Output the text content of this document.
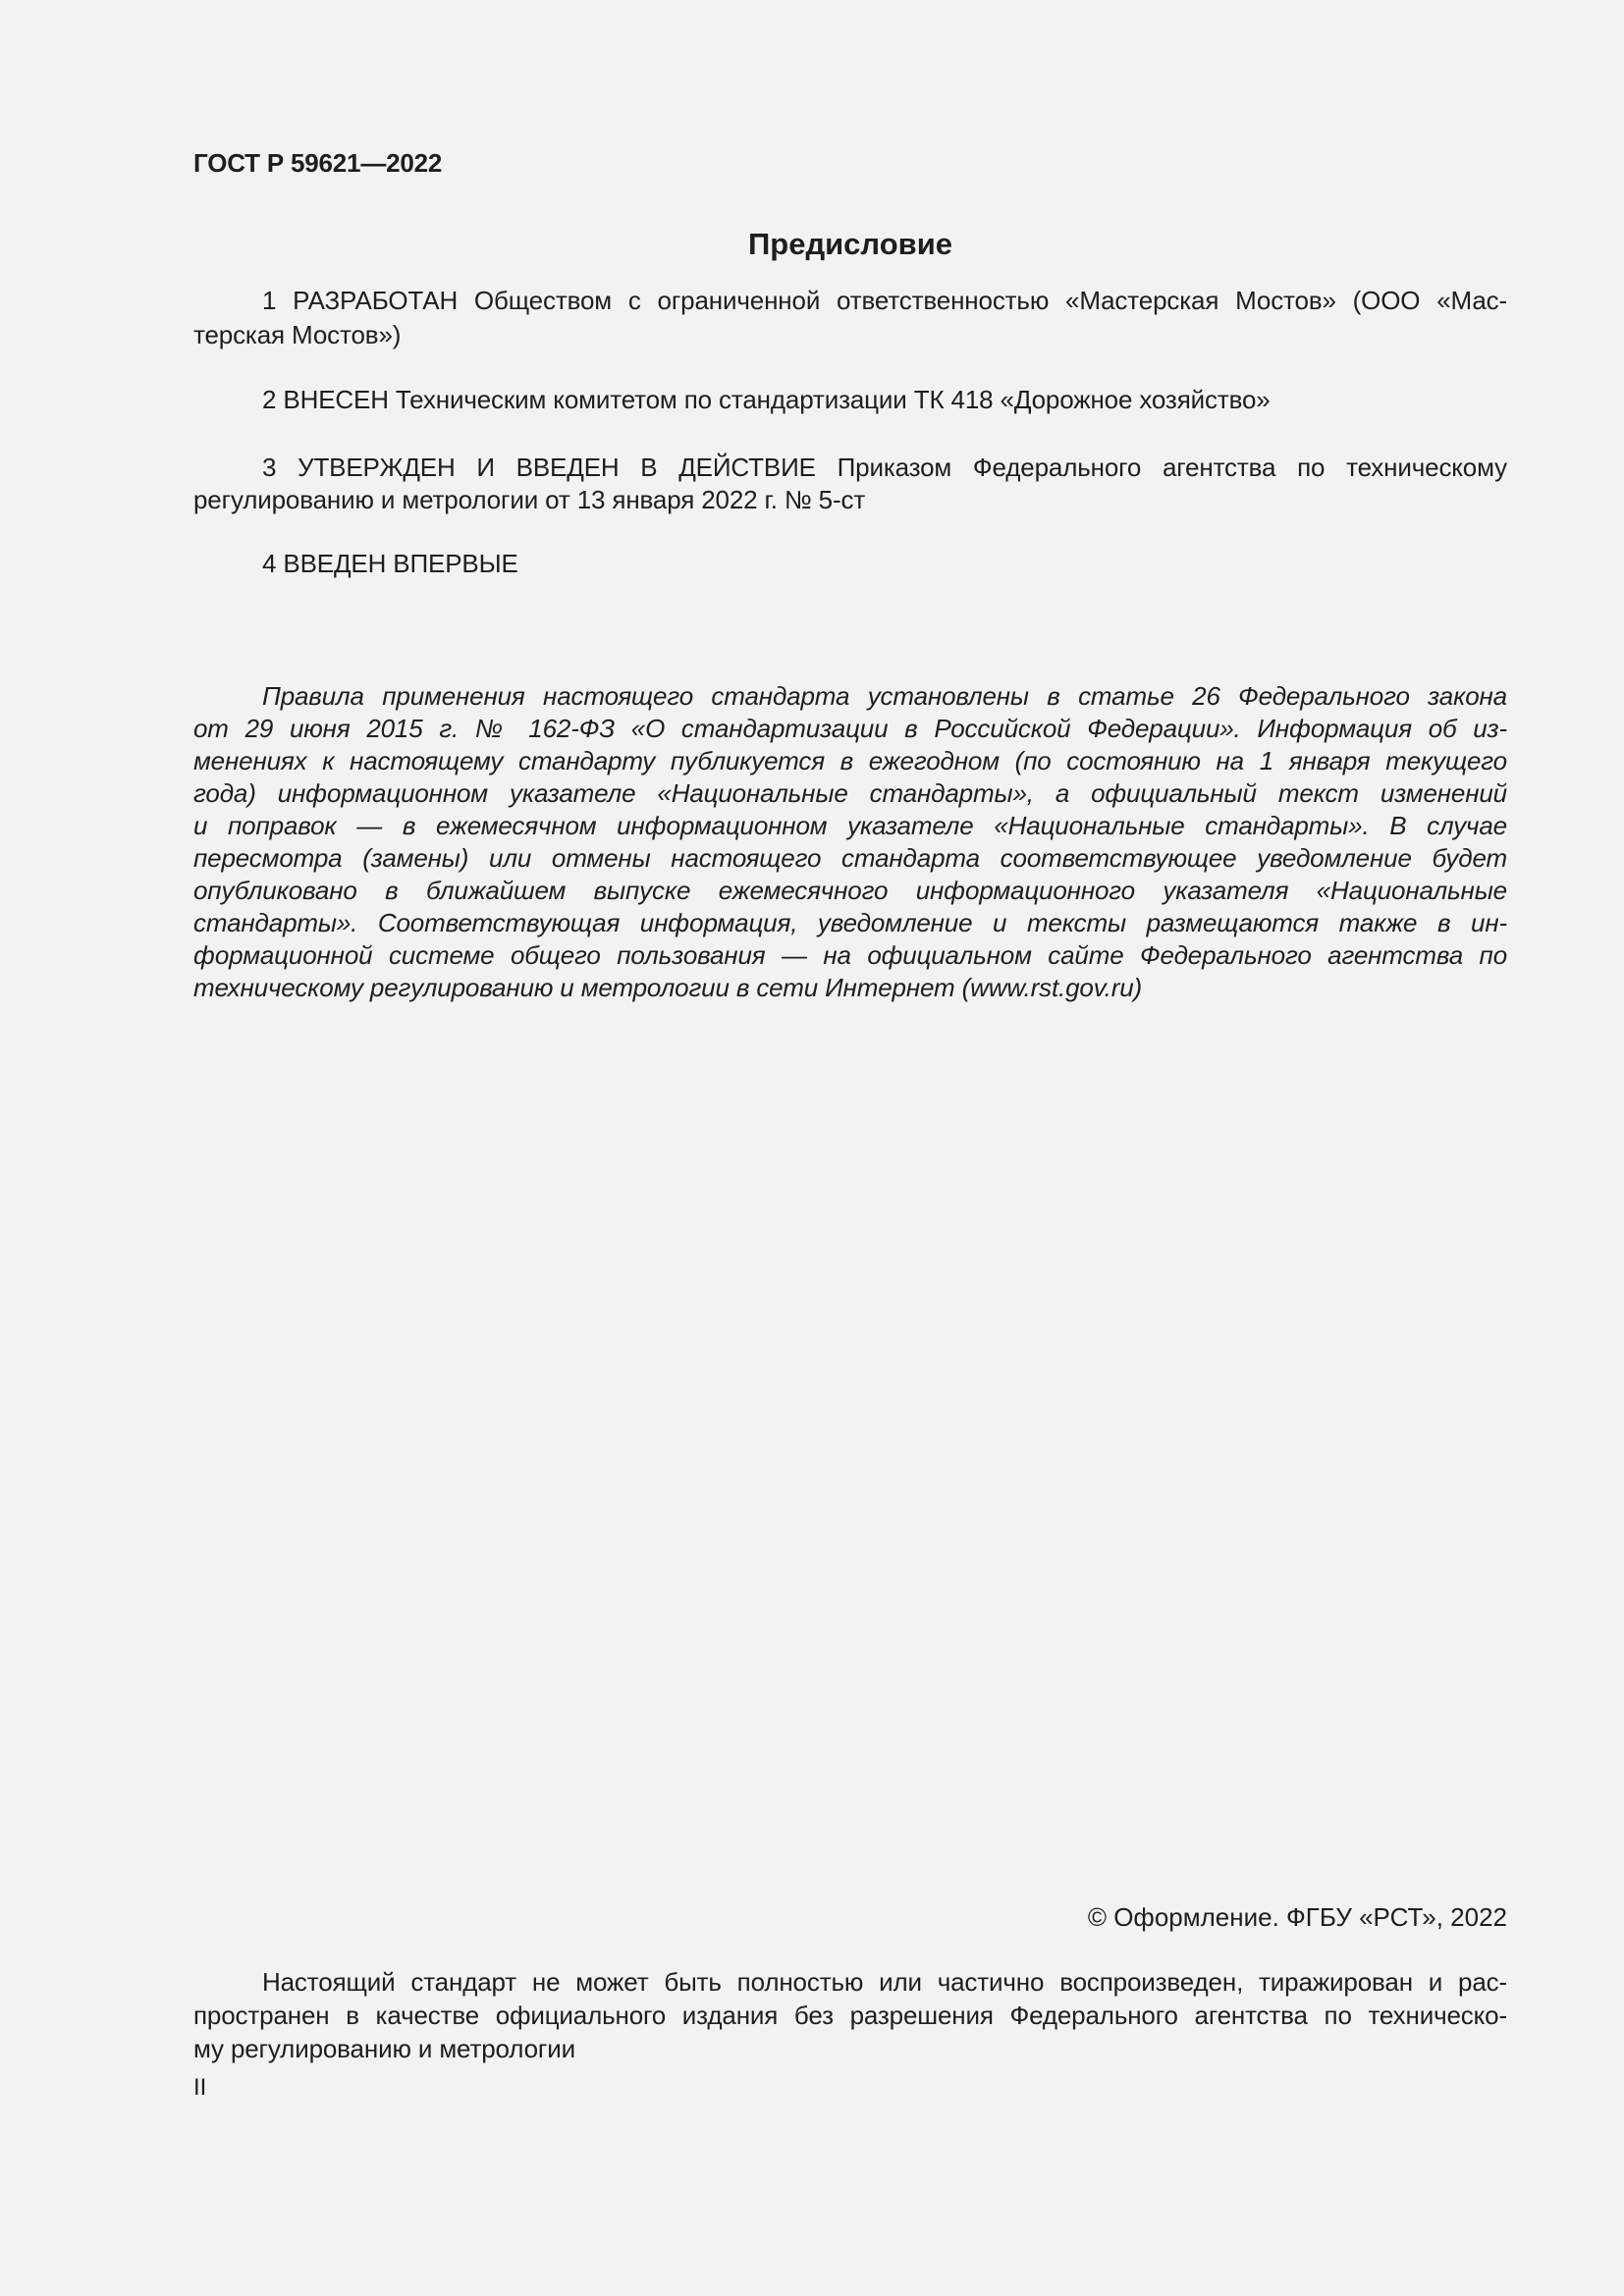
ГОСТ Р 59621—2022
Предисловие
1 РАЗРАБОТАН Обществом с ограниченной ответственностью «Мастерская Мостов» (ООО «Мас-
терская Мостов»)
2 ВНЕСЕН Техническим комитетом по стандартизации ТК 418 «Дорожное хозяйство»
3 УТВЕРЖДЕН И ВВЕДЕН В ДЕЙСТВИЕ Приказом Федерального агентства по техническому
регулированию и метрологии от 13 января 2022 г. № 5-ст
4 ВВЕДЕН ВПЕРВЫЕ
Правила применения настоящего стандарта установлены в статье 26 Федерального закона
от 29 июня 2015 г. № 162-ФЗ «О стандартизации в Российской Федерации». Информация об из-
менениях к настоящему стандарту публикуется в ежегодном (по состоянию на 1 января текущего
года) информационном указателе «Национальные стандарты», а официальный текст изменений
и поправок — в ежемесячном информационном указателе «Национальные стандарты». В случае
пересмотра (замены) или отмены настоящего стандарта соответствующее уведомление будет
опубликовано в ближайшем выпуске ежемесячного информационного указателя «Национальные
стандарты». Соответствующая информация, уведомление и тексты размещаются также в ин-
формационной системе общего пользования — на официальном сайте Федерального агентства по
техническому регулированию и метрологии в сети Интернет (www.rst.gov.ru)
© Оформление. ФГБУ «РСТ», 2022
Настоящий стандарт не может быть полностью или частично воспроизведен, тиражирован и рас-
пространен в качестве официального издания без разрешения Федерального агентства по техническо-
му регулированию и метрологии
II
